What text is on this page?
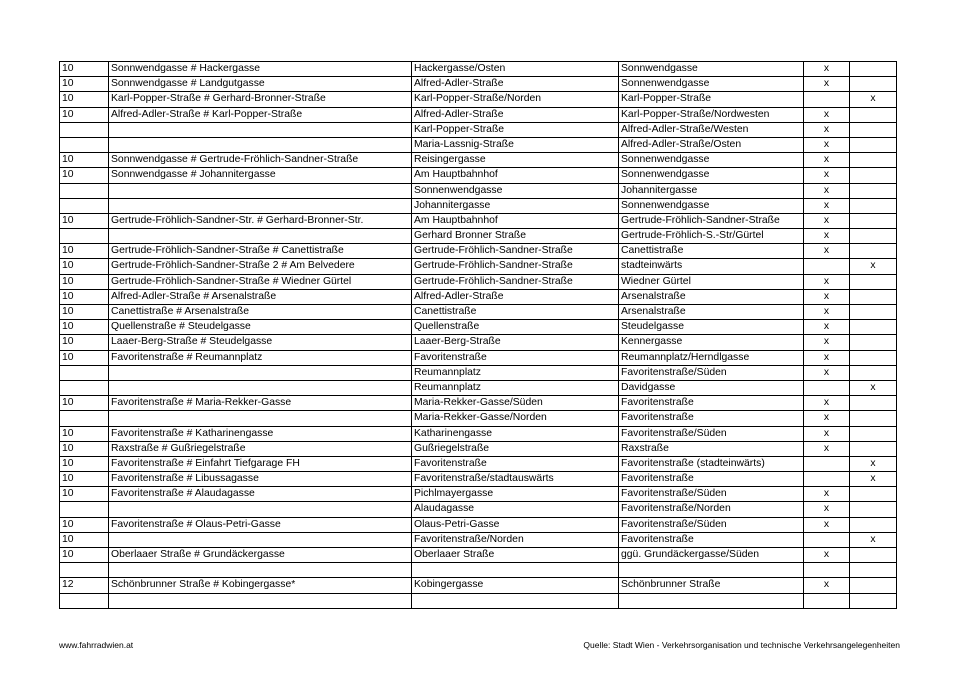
10	Sonnwendgasse # Hackergasse	Hackergasse/Osten	Sonnwendgasse	x	
10	Sonnwendgasse # Landgutgasse	Alfred-Adler-Straße	Sonnenwendgasse	x	
10	Karl-Popper-Straße # Gerhard-Bronner-Straße	Karl-Popper-Straße/Norden	Karl-Popper-Straße		x
10	Alfred-Adler-Straße # Karl-Popper-Straße	Alfred-Adler-Straße	Karl-Popper-Straße/Nordwesten	x	
		Karl-Popper-Straße	Alfred-Adler-Straße/Westen	x	
		Maria-Lassnig-Straße	Alfred-Adler-Straße/Osten	x	
10	Sonnwendgasse # Gertrude-Fröhlich-Sandner-Straße	Reisingergasse	Sonnenwendgasse	x	
10	Sonnwendgasse # Johannitergasse	Am Hauptbahnhof	Sonnenwendgasse	x	
		Sonnenwendgasse	Johannitergasse	x	
		Johannitergasse	Sonnenwendgasse	x	
10	Gertrude-Fröhlich-Sandner-Str. # Gerhard-Bronner-Str.	Am Hauptbahnhof	Gertrude-Fröhlich-Sandner-Straße	x	
		Gerhard Bronner Straße	Gertrude-Fröhlich-S.-Str/Gürtel	x	
10	Gertrude-Fröhlich-Sandner-Straße # Canettistraße	Gertrude-Fröhlich-Sandner-Straße	Canettistraße	x	
10	Gertrude-Fröhlich-Sandner-Straße 2 # Am Belvedere	Gertrude-Fröhlich-Sandner-Straße	stadteinwärts		x
10	Gertrude-Fröhlich-Sandner-Straße # Wiedner Gürtel	Gertrude-Fröhlich-Sandner-Straße	Wiedner Gürtel	x	
10	Alfred-Adler-Straße # Arsenalstraße	Alfred-Adler-Straße	Arsenalstraße	x	
10	Canettistraße # Arsenalstraße	Canettistraße	Arsenalstraße	x	
10	Quellenstraße # Steudelgasse	Quellenstraße	Steudelgasse	x	
10	Laaer-Berg-Straße # Steudelgasse	Laaer-Berg-Straße	Kennergasse	x	
10	Favoritenstraße # Reumannplatz	Favoritenstraße	Reumannplatz/Herndlgasse	x	
		Reumannplatz	Favoritenstraße/Süden	x	
		Reumannplatz	Davidgasse		x
10	Favoritenstraße # Maria-Rekker-Gasse	Maria-Rekker-Gasse/Süden	Favoritenstraße	x	
		Maria-Rekker-Gasse/Norden	Favoritenstraße	x	
10	Favoritenstraße # Katharinengasse	Katharinengasse	Favoritenstraße/Süden	x	
10	Raxstraße # Gußriegelstraße	Gußriegelstraße	Raxstraße	x	
10	Favoritenstraße # Einfahrt Tiefgarage FH	Favoritenstraße	Favoritenstraße (stadteinwärts)		x
10	Favoritenstraße # Libussagasse	Favoritenstraße/stadtauswärts	Favoritenstraße		x
10	Favoritenstraße # Alaudagasse	Pichlmayergasse	Favoritenstraße/Süden	x	
		Alaudagasse	Favoritenstraße/Norden	x	
10	Favoritenstraße # Olaus-Petri-Gasse	Olaus-Petri-Gasse	Favoritenstraße/Süden	x	
10		Favoritenstraße/Norden	Favoritenstraße		x
10	Oberlaaer Straße # Grundäckergasse	Oberlaaer Straße	ggü. Grundäckergasse/Süden	x	

12	Schönbrunner Straße # Kobingergasse*	Kobingergasse	Schönbrunner Straße	x	

www.fahrradwien.at	Quelle: Stadt Wien - Verkehrsorganisation und technische Verkehrsangelegenheiten
